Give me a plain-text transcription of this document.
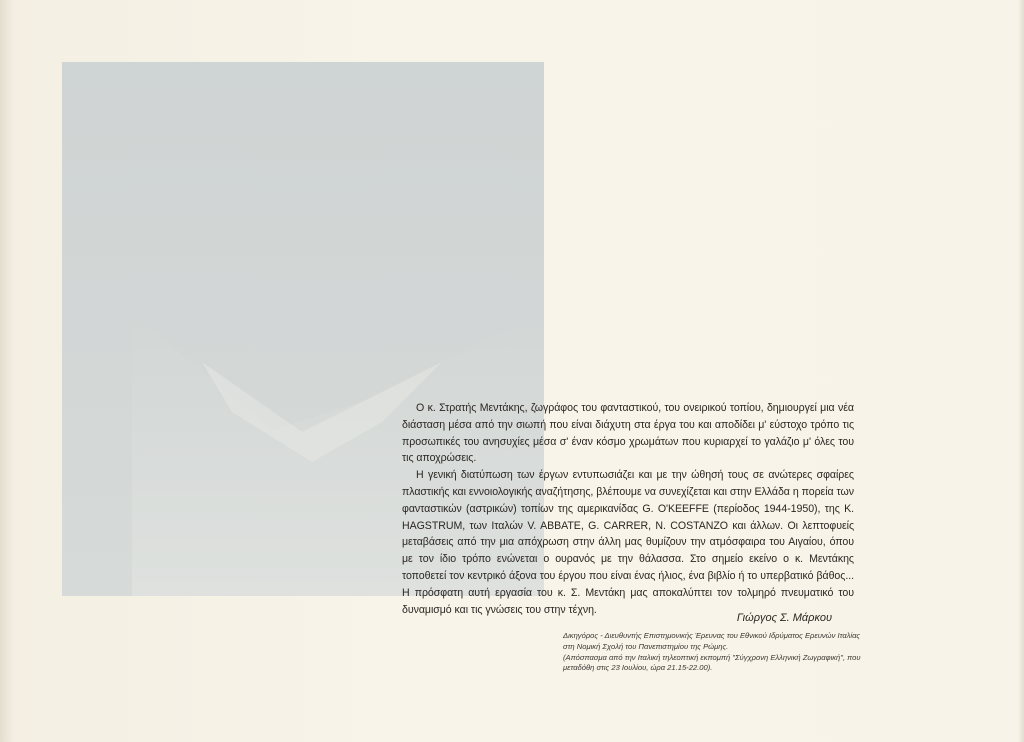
Ο κ. Στρατής Μεντάκης, ζωγράφος του φανταστικού, του ονειρικού τοπίου, δημιουργεί μια νέα διάσταση μέσα από την σιωπή που είναι διάχυτη στα έργα του και αποδίδει μ' εύστοχο τρόπο τις προσωπικές του ανησυχίες μέσα σ' έναν κόσμο χρωμάτων που κυριαρχεί το γαλάζιο μ' όλες του τις αποχρώσεις.

Η γενική διατύπωση των έργων εντυπωσιάζει και με την ώθησή τους σε ανώτερες σφαίρες πλαστικής και εννοιολογικής αναζήτησης, βλέπουμε να συνεχίζεται και στην Ελλάδα η πορεία των φανταστικών (αστρικών) τοπίων της αμερικανίδας G. O'KEEFFE (περίοδος 1944-1950), της K. HAGSTRUM, των Ιταλών V. ABBATE, G. CARRER, N. COSTANZO και άλλων. Οι λεπτοφυείς μεταβάσεις από την μια απόχρωση στην άλλη μας θυμίζουν την ατμόσφαιρα του Αιγαίου, όπου με τον ίδιο τρόπο ενώνεται ο ουρανός με την θάλασσα. Στο σημείο εκείνο ο κ. Μεντάκης τοποθετεί τον κεντρικό άξονα του έργου που είναι ένας ήλιος, ένα βιβλίο ή το υπερβατικό βάθος... Η πρόσφατη αυτή εργασία του κ. Σ. Μεντάκη μας αποκαλύπτει τον τολμηρό πνευματικό του δυναμισμό και τις γνώσεις του στην τέχνη.

Γιώργος Σ. Μάρκου

Δικηγόρος - Διευθυντής Επιστημονικής Έρευνας του Εθνικού Ιδρύματος Ερευνών Ιταλίας στη Νομική Σχολή του Πανεπιστημίου της Ρώμης.

(Απόσπασμα από την Ιταλική τηλεοπτική εκπομπή "Σύγχρονη Ελληνική Ζωγραφική", που μεταδόθη στις 23 Ιουλίου, ώρα 21.15-22.00).
